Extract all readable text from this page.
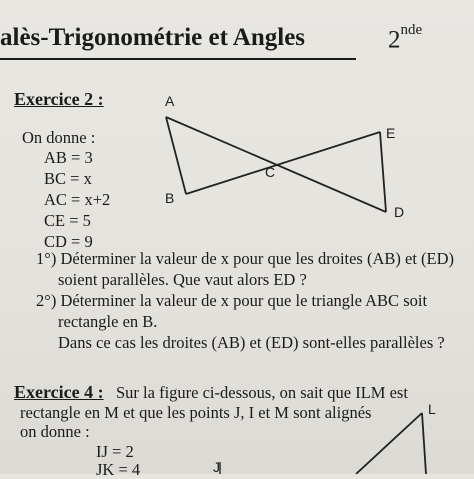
alès-Trigonométrie et Angles	2nde
Exercice 2 :
On donne :
AB = 3
BC = x
AC = x+2
CE = 5
CD = 9
A
B
C
D
E
1°) Déterminer la valeur de x pour que les droites (AB) et (ED)
soient parallèles. Que vaut alors ED ?
2°) Déterminer la valeur de x pour que le triangle ABC soit
rectangle en B.
Dans ce cas les droites (AB) et (ED) sont-elles parallèles ?
Exercice 4 : Sur la figure ci-dessous, on sait que ILM est
rectangle en M et que les points J, I et M sont alignés
on donne :
IJ = 2
JK = 4
L
J
